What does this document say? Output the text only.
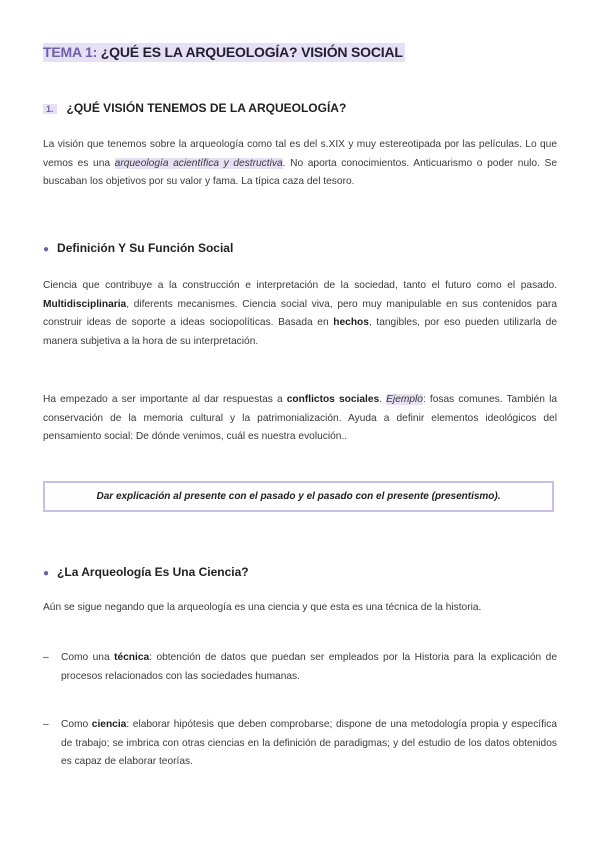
TEMA 1: ¿QUÉ ES LA ARQUEOLOGÍA? VISIÓN SOCIAL
1. ¿QUÉ VISIÓN TENEMOS DE LA ARQUEOLOGÍA?

La visión que tenemos sobre la arqueología como tal es del s.XIX y muy estereotipada por las películas. Lo que vemos es una arqueología acientífica y destructiva. No aporta conocimientos. Anticuarismo o poder nulo. Se buscaban los objetivos por su valor y fama. La típica caza del tesoro.

● Definición Y Su Función Social

Ciencia que contribuye a la construcción e interpretación de la sociedad, tanto el futuro como el pasado. Multidisciplinaria, diferents mecanismes. Ciencia social viva, pero muy manipulable en sus contenidos para construir ideas de soporte a ideas sociopolíticas. Basada en hechos, tangibles, por eso pueden utilizarla de manera subjetiva a la hora de su interpretación.

Ha empezado a ser importante al dar respuestas a conflictos sociales. Ejemplo: fosas comunes. También la conservación de la memoria cultural y la patrimonialización. Ayuda a definir elementos ideológicos del pensamiento social: De dónde venimos, cuál es nuestra evolución..

Dar explicación al presente con el pasado y el pasado con el presente (presentismo).
● ¿La Arqueología Es Una Ciencia?

Aún se sigue negando que la arqueología es una ciencia y que esta es una técnica de la historia.

– Como una técnica: obtención de datos que puedan ser empleados por la Historia para la explicación de procesos relacionados con las sociedades humanas.
– Como ciencia: elaborar hipótesis que deben comprobarse; dispone de una metodología propia y específica de trabajo; se imbrica con otras ciencias en la definición de paradigmas; y del estudio de los datos obtenidos es capaz de elaborar teorías.
